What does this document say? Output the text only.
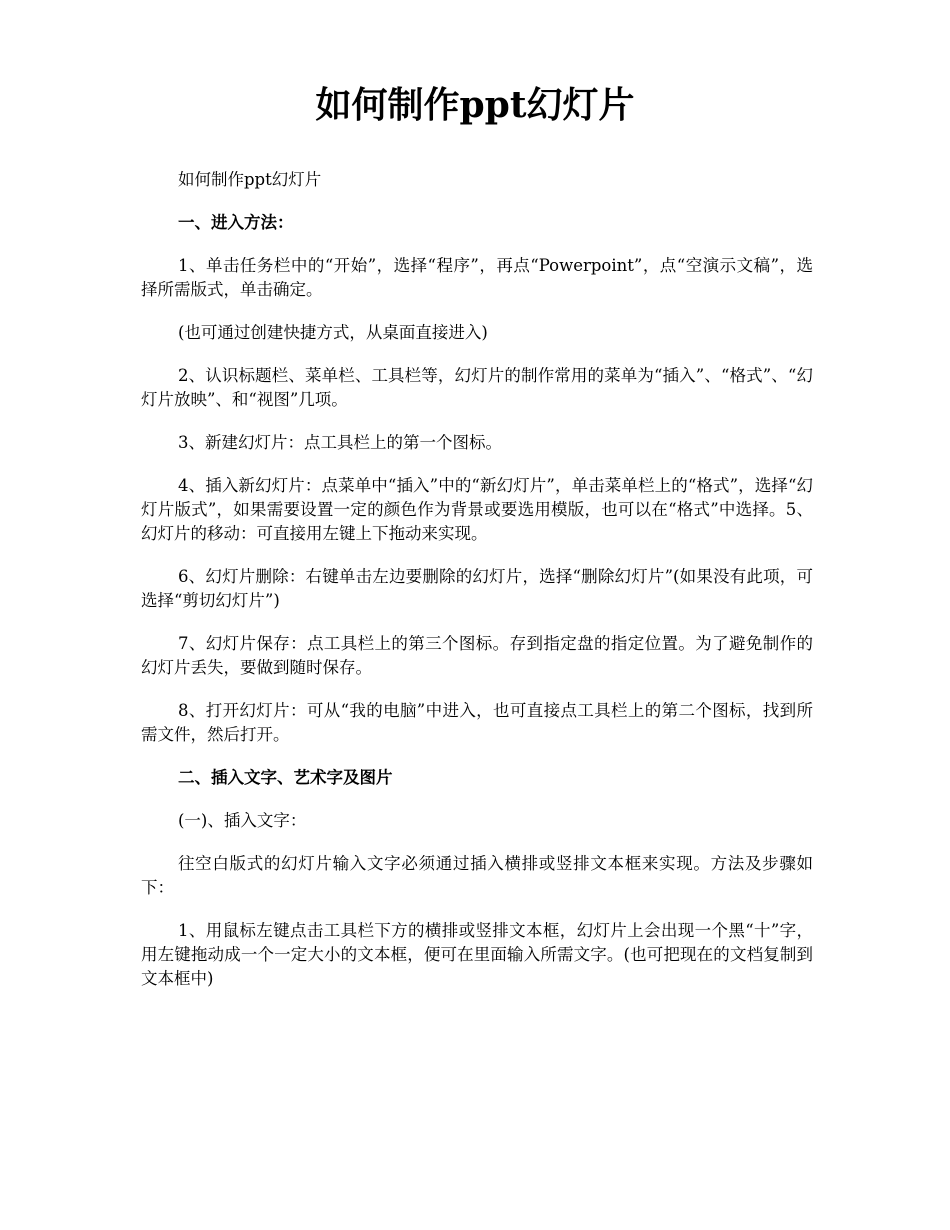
如何制作ppt幻灯片

如何制作ppt幻灯片

一、进入方法：

1、单击任务栏中的“开始”，选择“程序”，再点“Powerpoint”，点“空演示文稿”，选择所需版式，单击确定。

(也可通过创建快捷方式，从桌面直接进入)

2、认识标题栏、菜单栏、工具栏等，幻灯片的制作常用的菜单为“插入”、“格式”、“幻灯片放映”、和“视图”几项。

3、新建幻灯片：点工具栏上的第一个图标。

4、插入新幻灯片：点菜单中“插入”中的“新幻灯片”，单击菜单栏上的“格式”，选择“幻灯片版式”，如果需要设置一定的颜色作为背景或要选用模版，也可以在“格式”中选择。5、幻灯片的移动：可直接用左键上下拖动来实现。

6、幻灯片删除：右键单击左边要删除的幻灯片，选择“删除幻灯片”(如果没有此项，可选择“剪切幻灯片”)

7、幻灯片保存：点工具栏上的第三个图标。存到指定盘的指定位置。为了避免制作的幻灯片丢失，要做到随时保存。

8、打开幻灯片：可从“我的电脑”中进入，也可直接点工具栏上的第二个图标，找到所需文件，然后打开。

二、插入文字、艺术字及图片

(一)、插入文字：

往空白版式的幻灯片输入文字必须通过插入横排或竖排文本框来实现。方法及步骤如下：

1、用鼠标左键点击工具栏下方的横排或竖排文本框，幻灯片上会出现一个黑“十”字，用左键拖动成一个一定大小的文本框，便可在里面输入所需文字。(也可把现在的文档复制到文本框中)
